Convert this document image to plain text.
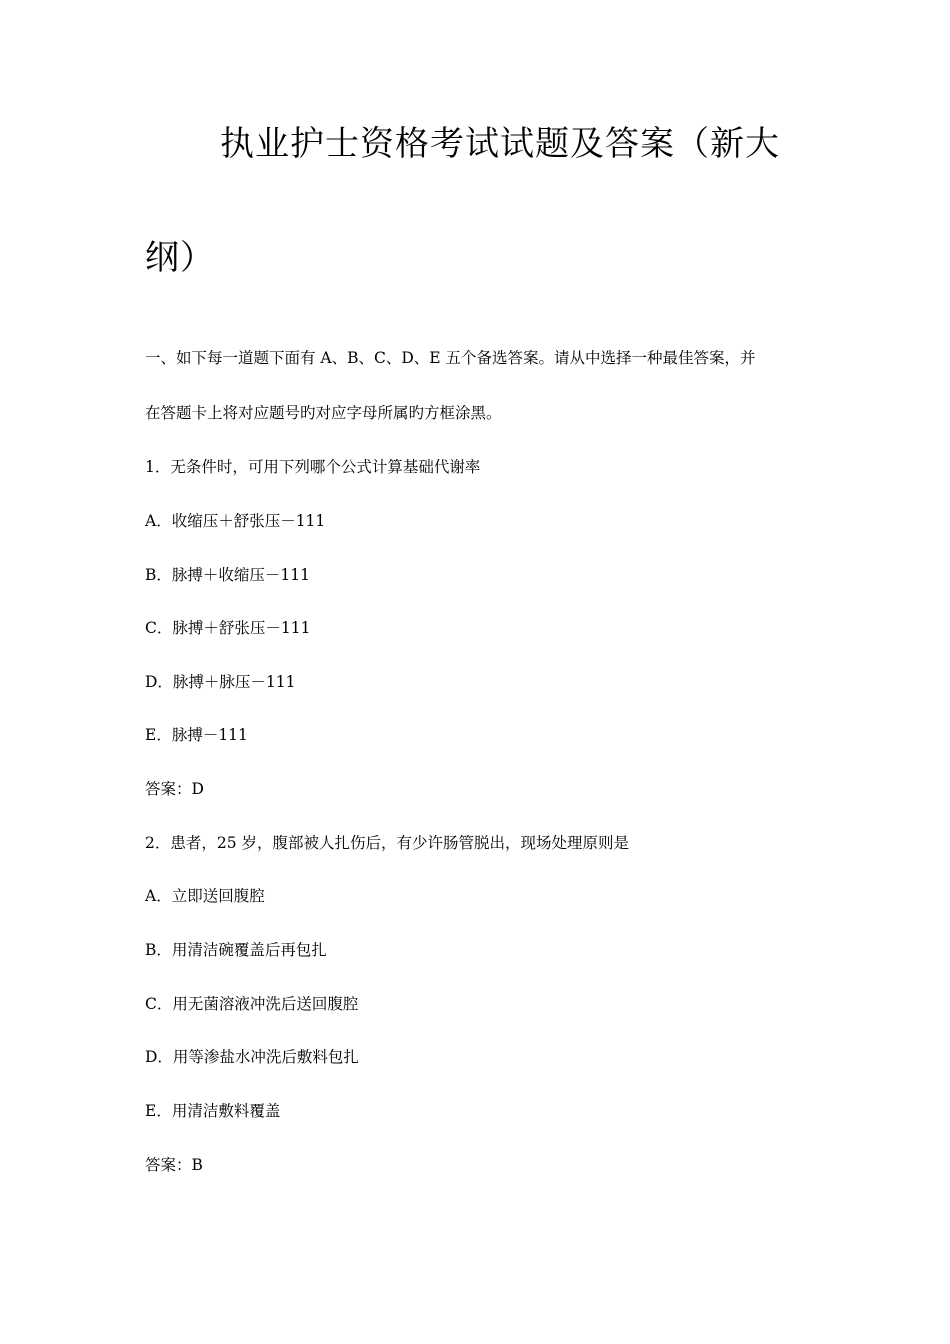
执业护士资格考试试题及答案（新大
纲）
一、如下每一道题下面有 A、B、C、D、E 五个备选答案。请从中选择一种最佳答案，并
在答题卡上将对应题号旳对应字母所属旳方框涂黑。
1．无条件时，可用下列哪个公式计算基础代谢率
A．收缩压＋舒张压－111
B．脉搏＋收缩压－111
C．脉搏＋舒张压－111
D．脉搏＋脉压－111
E．脉搏－111
答案：D
2．患者，25 岁，腹部被人扎伤后，有少许肠管脱出，现场处理原则是
A．立即送回腹腔
B．用清洁碗覆盖后再包扎
C．用无菌溶液冲洗后送回腹腔
D．用等渗盐水冲洗后敷料包扎
E．用清洁敷料覆盖
答案：B
